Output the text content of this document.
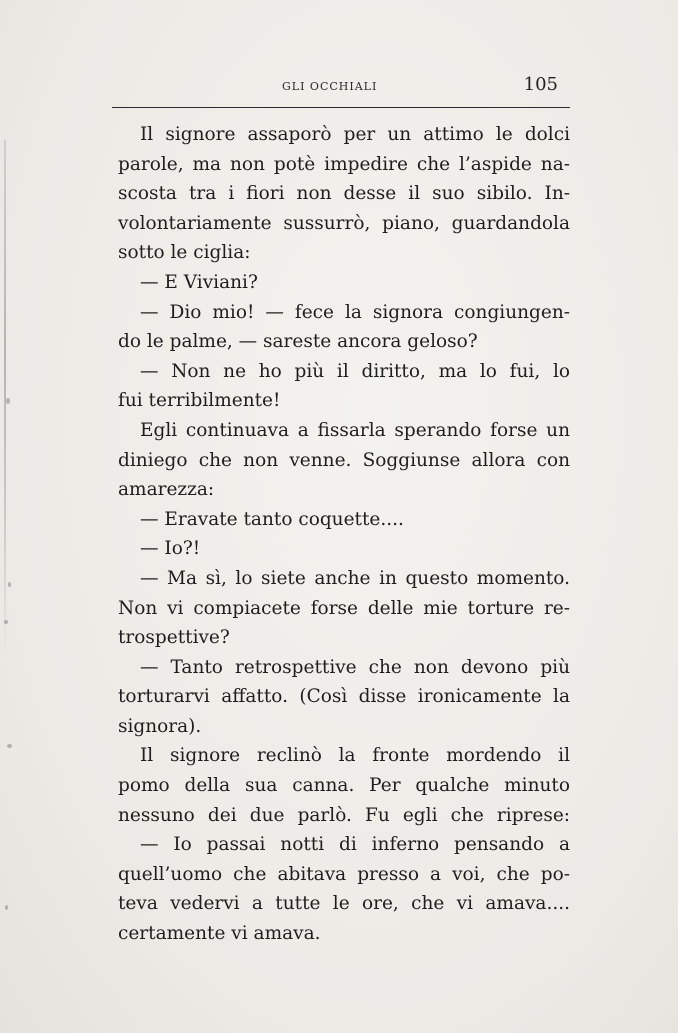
GLI OCCHIALI	105
Il signore assaporò per un attimo le dolci
parole, ma non potè impedire che l’aspide na-
scosta tra i fiori non desse il suo sibilo. In-
volontariamente sussurrò, piano, guardandola
sotto le ciglia:
— E Viviani?
— Dio mio! — fece la signora congiungen-
do le palme, — sareste ancora geloso?
— Non ne ho più il diritto, ma lo fui, lo
fui terribilmente!
Egli continuava a fissarla sperando forse un
diniego che non venne. Soggiunse allora con
amarezza:
— Eravate tanto coquette....
— Io?!
— Ma sì, lo siete anche in questo momento.
Non vi compiacete forse delle mie torture re-
trospettive?
— Tanto retrospettive che non devono più
torturarvi affatto. (Così disse ironicamente la
signora).
Il signore reclinò la fronte mordendo il
pomo della sua canna. Per qualche minuto
nessuno dei due parlò. Fu egli che riprese:
— Io passai notti di inferno pensando a
quell’uomo che abitava presso a voi, che po-
teva vedervi a tutte le ore, che vi amava....
certamente vi amava.
